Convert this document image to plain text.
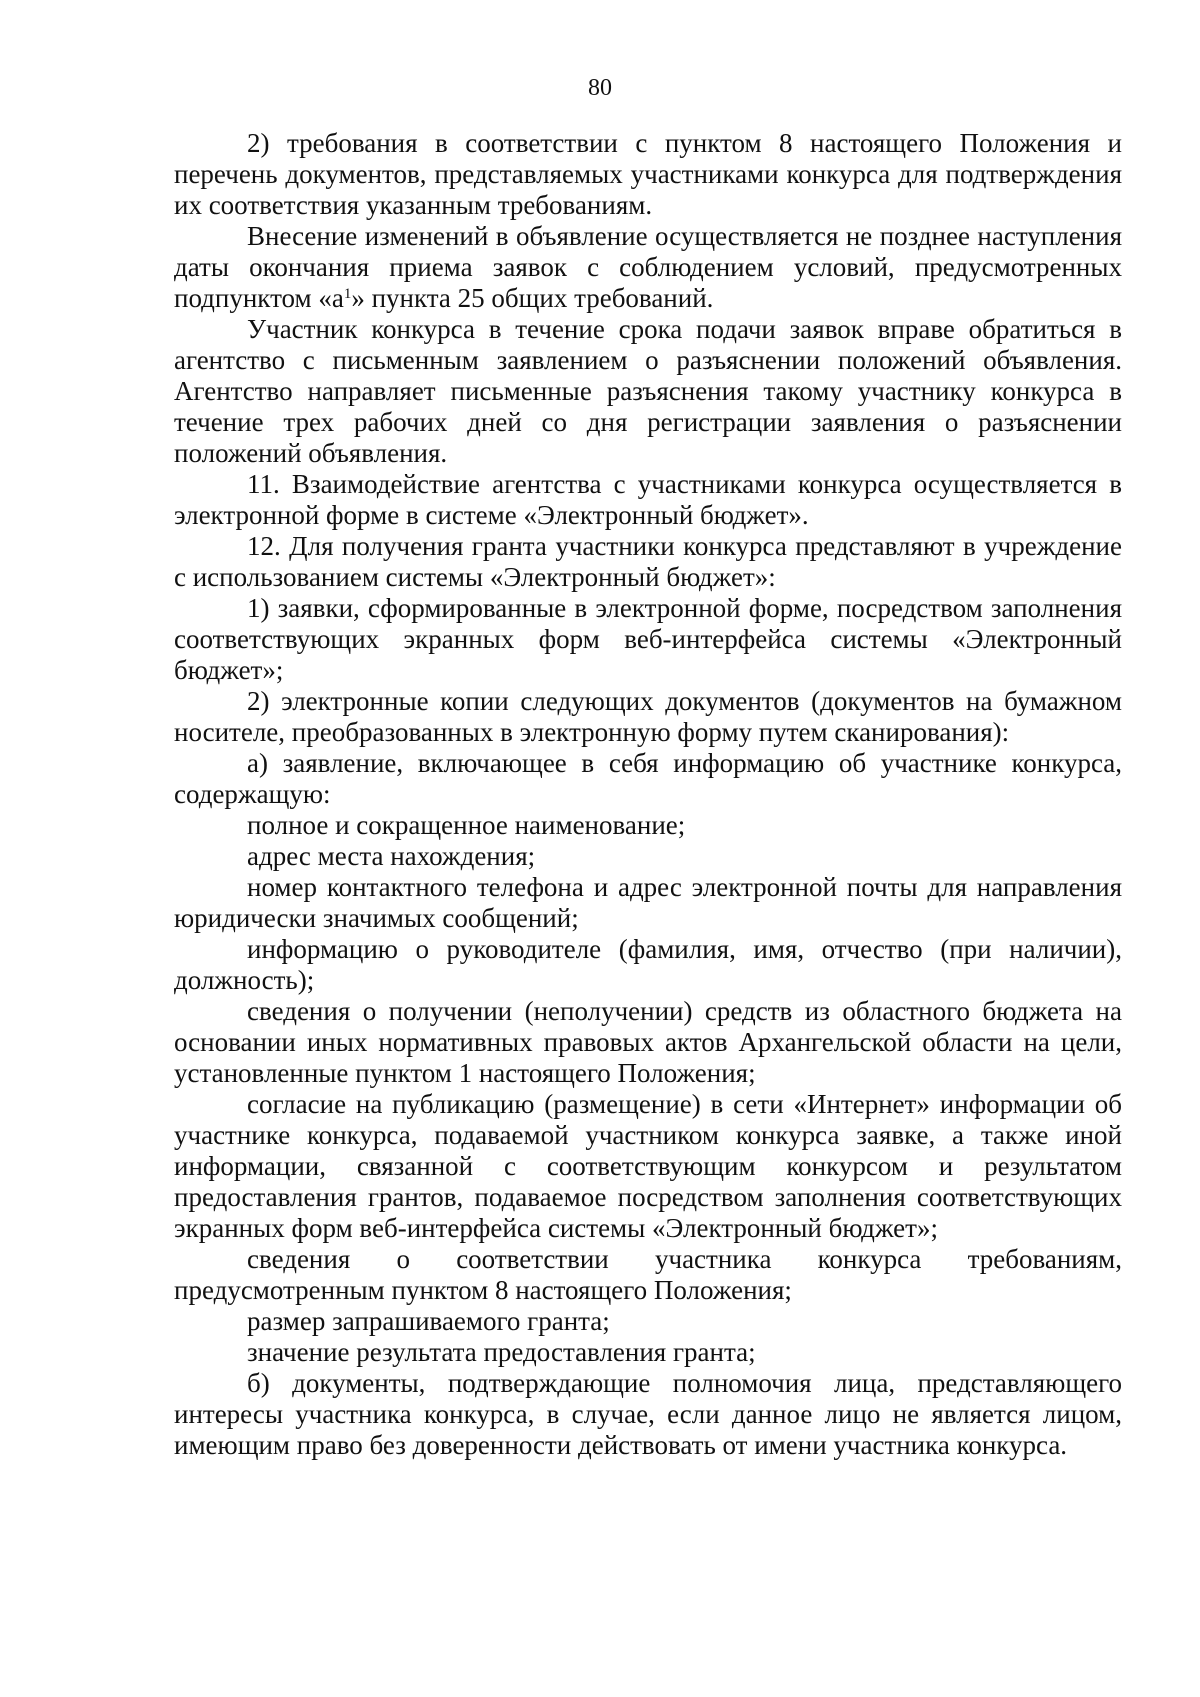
80

2) требования в соответствии с пунктом 8 настоящего Положения и перечень документов, представляемых участниками конкурса для подтверждения их соответствия указанным требованиям.

Внесение изменений в объявление осуществляется не позднее наступления даты окончания приема заявок с соблюдением условий, предусмотренных подпунктом «$а^1$» пункта 25 общих требований.

Участник конкурса в течение срока подачи заявок вправе обратиться в агентство с письменным заявлением о разъяснении положений объявления. Агентство направляет письменные разъяснения такому участнику конкурса в течение трех рабочих дней со дня регистрации заявления о разъяснении положений объявления.

11. Взаимодействие агентства с участниками конкурса осуществляется в электронной форме в системе «Электронный бюджет».

12. Для получения гранта участники конкурса представляют в учреждение с использованием системы «Электронный бюджет»:

1) заявки, сформированные в электронной форме, посредством заполнения соответствующих экранных форм веб-интерфейса системы «Электронный бюджет»;

2) электронные копии следующих документов (документов на бумажном носителе, преобразованных в электронную форму путем сканирования):

а) заявление, включающее в себя информацию об участнике конкурса, содержащую:

полное и сокращенное наименование;

адрес места нахождения;

номер контактного телефона и адрес электронной почты для направления юридически значимых сообщений;

информацию о руководителе (фамилия, имя, отчество (при наличии), должность);

сведения о получении (неполучении) средств из областного бюджета на основании иных нормативных правовых актов Архангельской области на цели, установленные пунктом 1 настоящего Положения;

согласие на публикацию (размещение) в сети «Интернет» информации об участнике конкурса, подаваемой участником конкурса заявке, а также иной информации, связанной с соответствующим конкурсом и результатом предоставления грантов, подаваемое посредством заполнения соответствующих экранных форм веб-интерфейса системы «Электронный бюджет»;

сведения о соответствии участника конкурса требованиям, предусмотренным пунктом 8 настоящего Положения;

размер запрашиваемого гранта;

значение результата предоставления гранта;

б) документы, подтверждающие полномочия лица, представляющего интересы участника конкурса, в случае, если данное лицо не является лицом, имеющим право без доверенности действовать от имени участника конкурса.
